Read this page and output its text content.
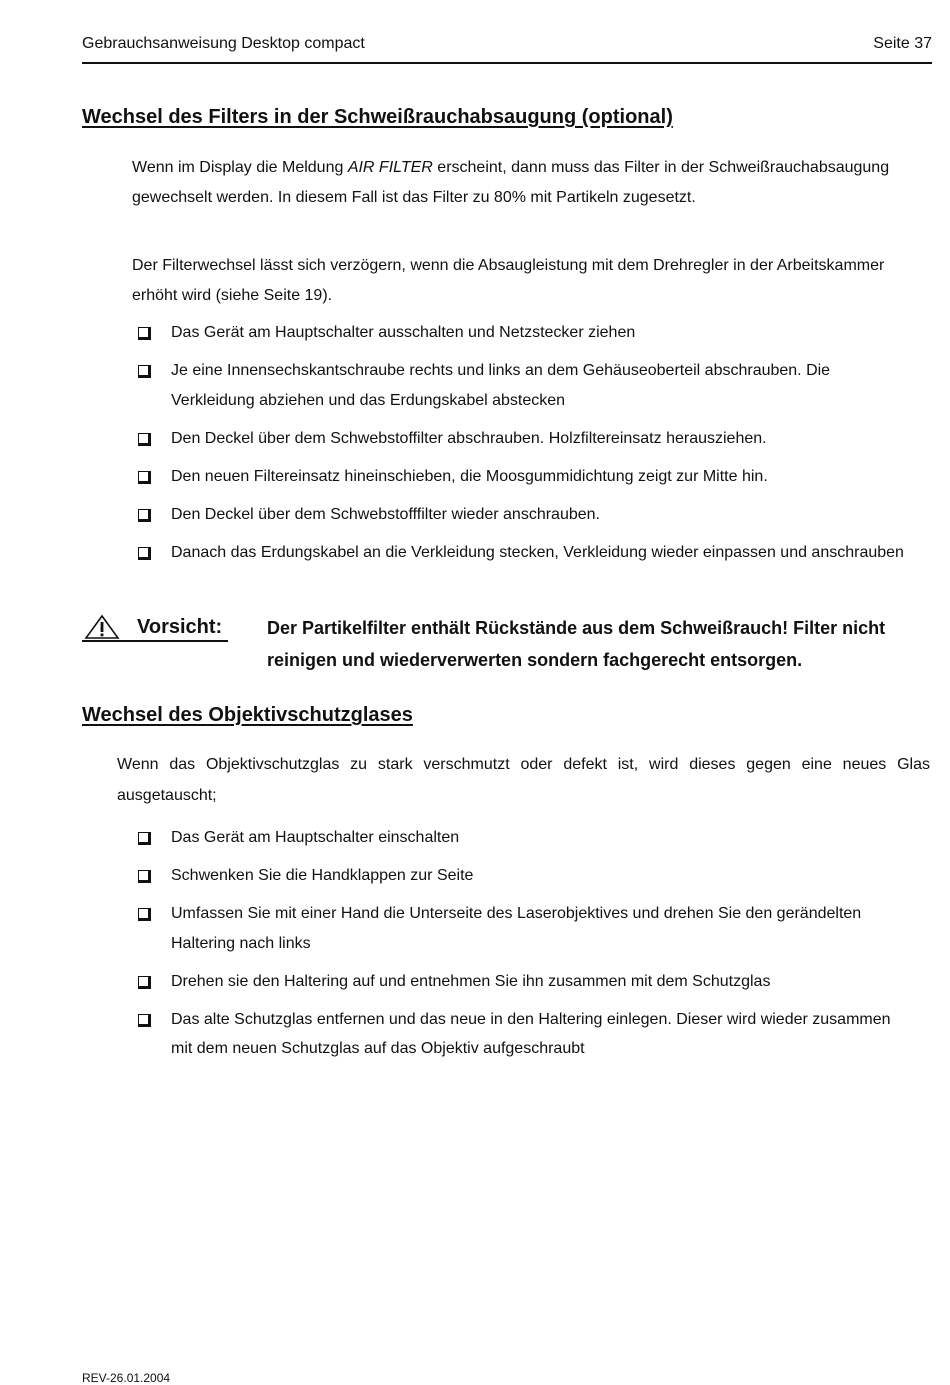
Gebrauchsanweisung Desktop compact	Seite 37
Wechsel des Filters in der Schweißrauchabsaugung (optional)

Wenn im Display die Meldung AIR FILTER erscheint, dann muss das Filter in der Schweißrauchabsaugung gewechselt werden. In diesem Fall ist das Filter zu 80% mit Partikeln zugesetzt.

Der Filterwechsel lässt sich verzögern, wenn die Absaugleistung mit dem Drehregler in der Arbeitskammer erhöht wird (siehe Seite 19).

Das Gerät am Hauptschalter ausschalten und Netzstecker ziehen
Je eine Innensechskantschraube rechts und links an dem Gehäuseoberteil abschrauben. Die Verkleidung abziehen und das Erdungskabel abstecken
Den Deckel über dem Schwebstoffilter abschrauben. Holzfiltereinsatz herausziehen.
Den neuen Filtereinsatz hineinschieben, die Moosgummidichtung zeigt zur Mitte hin.
Den Deckel über dem Schwebstofffilter wieder anschrauben.
Danach das Erdungskabel an die Verkleidung stecken, Verkleidung wieder einpassen und anschrauben
Vorsicht: Der Partikelfilter enthält Rückstände aus dem Schweißrauch! Filter nicht reinigen und wiederverwerten sondern fachgerecht entsorgen.

Wechsel des Objektivschutzglases

Wenn das Objektivschutzglas zu stark verschmutzt oder defekt ist, wird dieses gegen eine neues Glas ausgetauscht;

Das Gerät am Hauptschalter einschalten
Schwenken Sie die Handklappen zur Seite
Umfassen Sie mit einer Hand die Unterseite des Laserobjektives und drehen Sie den gerändelten Haltering nach links
Drehen sie den Haltering auf und entnehmen Sie ihn zusammen mit dem Schutzglas
Das alte Schutzglas entfernen und das neue in den Haltering einlegen. Dieser wird wieder zusammen mit dem neuen Schutzglas auf das Objektiv aufgeschraubt
REV-26.01.2004
